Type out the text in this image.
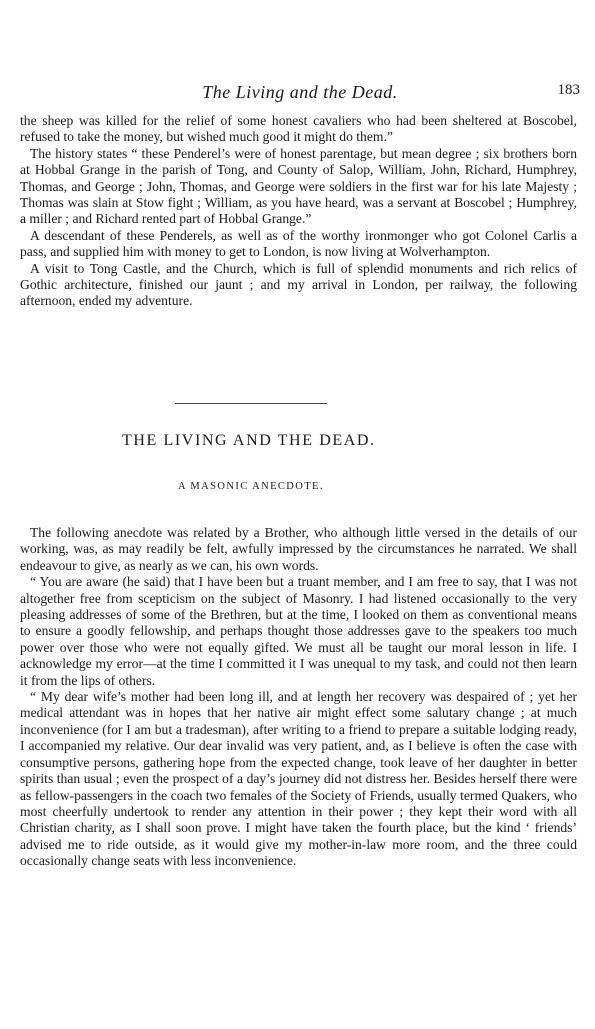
The Living and the Dead.	183

the sheep was killed for the relief of some honest cavaliers who had been sheltered at Boscobel, refused to take the money, but wished much good it might do them.”

The history states “ these Penderel’s were of honest parentage, but mean degree ; six brothers born at Hobbal Grange in the parish of Tong, and County of Salop, William, John, Richard, Humphrey, Thomas, and George ; John, Thomas, and George were soldiers in the first war for his late Majesty ; Thomas was slain at Stow fight ; William, as you have heard, was a servant at Boscobel ; Humphrey, a miller ; and Richard rented part of Hobbal Grange.”

A descendant of these Penderels, as well as of the worthy ironmonger who got Colonel Carlis a pass, and supplied him with money to get to London, is now living at Wolverhampton.

A visit to Tong Castle, and the Church, which is full of splendid monuments and rich relics of Gothic architecture, finished our jaunt ; and my arrival in London, per railway, the following afternoon, ended my adventure.

THE LIVING AND THE DEAD.
A MASONIC ANECDOTE.

The following anecdote was related by a Brother, who although little versed in the details of our working, was, as may readily be felt, awfully impressed by the circumstances he narrated. We shall endeavour to give, as nearly as we can, his own words.

“ You are aware (he said) that I have been but a truant member, and I am free to say, that I was not altogether free from scepticism on the subject of Masonry. I had listened occasionally to the very pleasing addresses of some of the Brethren, but at the time, I looked on them as conventional means to ensure a goodly fellowship, and perhaps thought those addresses gave to the speakers too much power over those who were not equally gifted. We must all be taught our moral lesson in life. I acknowledge my error—at the time I committed it I was unequal to my task, and could not then learn it from the lips of others.

“ My dear wife’s mother had been long ill, and at length her recovery was despaired of ; yet her medical attendant was in hopes that her native air might effect some salutary change ; at much inconvenience (for I am but a tradesman), after writing to a friend to prepare a suitable lodging ready, I accompanied my relative. Our dear invalid was very patient, and, as I believe is often the case with consumptive persons, gathering hope from the expected change, took leave of her daughter in better spirits than usual ; even the prospect of a day’s journey did not distress her. Besides herself there were as fellow-passengers in the coach two females of the Society of Friends, usually termed Quakers, who most cheerfully undertook to render any attention in their power ; they kept their word with all Christian charity, as I shall soon prove. I might have taken the fourth place, but the kind ‘ friends’ advised me to ride outside, as it would give my mother-in-law more room, and the three could occasionally change seats with less inconvenience.
